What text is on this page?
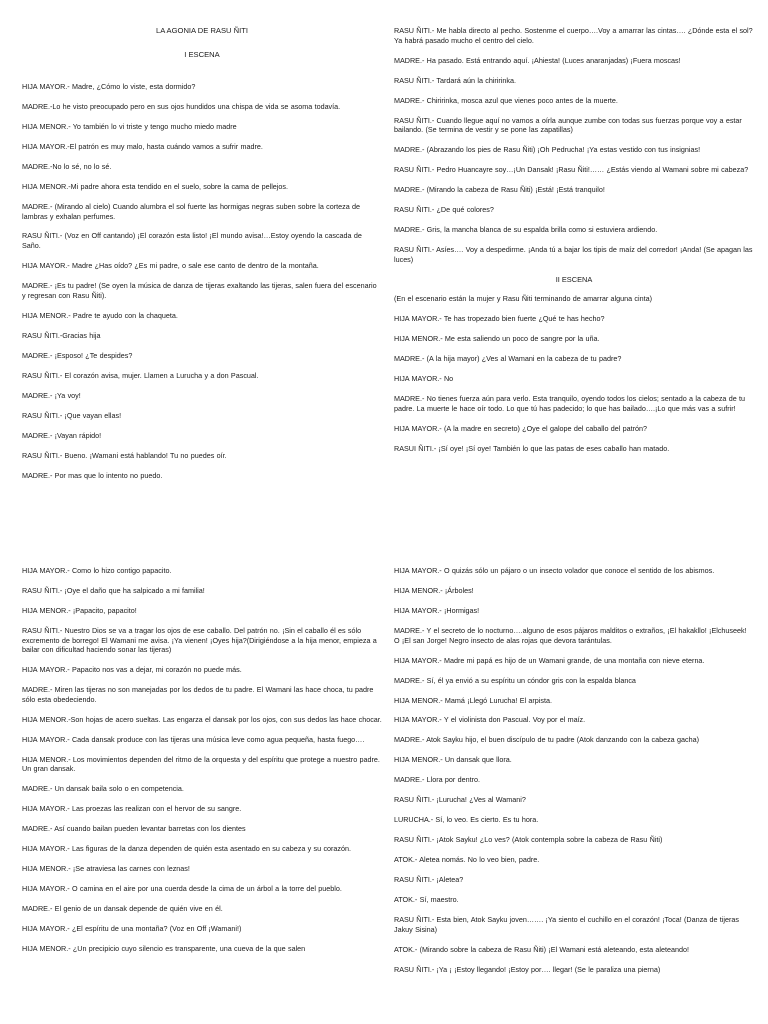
LA AGONIA DE RASU ÑITI

I ESCENA

HIJA MAYOR.- Madre, ¿Cómo lo viste, esta dormido?

MADRE.-Lo he visto preocupado pero en sus ojos hundidos una chispa de vida se asoma todavía.

HIJA MENOR.- Yo también lo vi triste y tengo mucho miedo madre

HIJA MAYOR.-El patrón es muy malo, hasta cuándo vamos a sufrir madre.

MADRE.-No lo sé, no lo sé.

HIJA MENOR.-Mi padre ahora esta tendido en el suelo, sobre la cama de pellejos.

MADRE.- (Mirando al cielo) Cuando alumbra el sol fuerte las hormigas negras suben sobre la corteza de lambras y exhalan perfumes.

RASU ÑITI.- (Voz en Off cantando) ¡El corazón esta listo! ¡El mundo avisa!…Estoy oyendo la cascada de Saño.

HIJA MAYOR.- Madre ¿Has oído? ¿Es mi padre, o sale ese canto de dentro de la montaña.

MADRE.- ¡Es tu padre! (Se oyen la música de danza de tijeras exaltando las tijeras, salen fuera del escenario y regresan con Rasu Ñiti).

HIJA MENOR.- Padre te ayudo con la chaqueta.

RASU ÑITI.-Gracias hija

MADRE.- ¡Esposo! ¿Te despides?

RASU ÑITI.- El corazón avisa, mujer. Llamen a Lurucha y a don Pascual.

MADRE.- ¡Ya voy!

RASU ÑITI.- ¡Que vayan ellas!

MADRE.- ¡Vayan rápido!

RASU ÑITI.- Bueno. ¡Wamani está hablando! Tu no puedes oír.

MADRE.- Por mas que lo intento no puedo.

RASU ÑITI.- Me habla directo al pecho. Sostenme el cuerpo….Voy a amarrar las cintas…. ¿Dónde esta el sol? Ya habrá pasado mucho el centro del cielo.

MADRE.- Ha pasado. Está entrando aquí. ¡Ahiesta! (Luces anaranjadas) ¡Fuera moscas!

RASU ÑITI.- Tardará aún la chiririnka.

MADRE.- Chiririnka, mosca azul que vienes poco antes de la muerte.

RASU ÑITI.- Cuando llegue aquí no vamos a oírla aunque zumbe con todas sus fuerzas porque voy a estar bailando. (Se termina de vestir y se pone las zapatillas)

MADRE.- (Abrazando los pies de Rasu Ñiti) ¡Oh Pedrucha! ¡Ya estas vestido con tus insignias!

RASU ÑITI.- Pedro Huancayre soy…¡Un Dansak! ¡Rasu Ñiti!…… ¿Estás viendo al Wamani sobre mi cabeza?

MADRE.- (Mirando la cabeza de Rasu Ñiti) ¡Está! ¡Está tranquilo!

RASU ÑITI.- ¿De qué colores?

MADRE.- Gris, la mancha blanca de su espalda brilla como si estuviera ardiendo.

RASU ÑITI.- Asíes…. Voy a despedirme. ¡Anda tú a bajar los tipis de maíz del corredor! ¡Anda! (Se apagan las luces)

II ESCENA

(En el escenario están la mujer y Rasu Ñiti terminando de amarrar alguna cinta)

HIJA MAYOR.- Te has tropezado bien fuerte ¿Qué te has hecho?

HIJA MENOR.- Me esta saliendo un poco de sangre por la uña.

MADRE.- (A la hija mayor) ¿Ves al Wamani en la cabeza de tu padre?

HIJA MAYOR.- No

MADRE.- No tienes fuerza aún para verlo. Esta tranquilo, oyendo todos los cielos; sentado a la cabeza de tu padre. La muerte le hace oír todo. Lo que tú has padecido; lo que has bailado….¡Lo que más vas a sufrir!

HIJA MAYOR.- (A la madre en secreto) ¿Oye el galope del caballo del patrón?

RASUI ÑITI.- ¡Sí oye! ¡Sí oye! También lo que las patas de eses caballo han matado.

HIJA MAYOR.- Como lo hizo contigo papacito.

RASU ÑITI.- ¡Oye el daño que ha salpicado a mi familia!

HIJA MENOR.- ¡Papacito, papacito!

RASU ÑITI.- Nuestro Dios se va a tragar los ojos de ese caballo. Del patrón no. ¡Sin el caballo él es sólo excremento de borrego! El Wamani me avisa. ¡Ya vienen! ¡Oyes hija?(Dirigiéndose a la hija menor, empieza a bailar con dificultad haciendo sonar las tijeras)

HIJA MAYOR.- Papacito nos vas a dejar, mi corazón no puede más.

MADRE.- Miren las tijeras no son manejadas por los dedos de tu padre. El Wamani las hace choca, tu padre sólo esta obedeciendo.

HIJA MENOR.-Son hojas de acero sueltas. Las engarza el dansak por los ojos, con sus dedos las hace chocar.

HIJA MAYOR.- Cada dansak produce con las tijeras una música leve como agua pequeña, hasta fuego….

HIJA MENOR.- Los movimientos dependen del ritmo de la orquesta y del espíritu que protege a nuestro padre. Un gran dansak.

MADRE.- Un dansak baila solo o en competencia.

HIJA MAYOR.- Las proezas las realizan con el hervor de su sangre.

MADRE.- Así cuando bailan pueden levantar barretas con los dientes

HIJA MAYOR.- Las figuras de la danza dependen de quién esta asentado en su cabeza y su corazón.

HIJA MENOR.- ¡Se atraviesa las carnes con leznas!

HIJA MAYOR.- O camina en el aire por una cuerda desde la cima de un árbol a la torre del pueblo.

MADRE.- El genio de un dansak depende de quién vive en él.

HIJA MAYOR.- ¿El espíritu de una montaña? (Voz en Off ¡Wamani!)

HIJA MENOR.- ¿Un precipicio cuyo silencio es transparente, una cueva de la que salen

HIJA MAYOR.- O quizás sólo un pájaro o un insecto volador que conoce el sentido de los abismos.

HIJA MENOR.- ¡Árboles!

HIJA MAYOR.- ¡Hormigas!

MADRE.- Y el secreto de lo nocturno….alguno de esos pájaros malditos o extraños, ¡El hakakllo! ¡Elchuseek! O ¡El san Jorge! Negro insecto de alas rojas que devora tarántulas.

HIJA MAYOR.- Madre mi papá es hijo de un Wamani grande, de una montaña con nieve eterna.

MADRE.- Sí, él ya envió a su espíritu un cóndor gris con la espalda blanca

HIJA MENOR.- Mamá ¡Llegó Lurucha! El arpista.

HIJA MAYOR.- Y el violinista don Pascual. Voy por el maíz.

MADRE.- Atok Sayku hijo, el buen discípulo de tu padre (Atok danzando con la cabeza gacha)

HIJA MENOR.- Un dansak que llora.

MADRE.- Llora por dentro.

RASU ÑITI.- ¡Lurucha! ¿Ves al Wamani?

LURUCHA.- Sí, lo veo. Es cierto. Es tu hora.

RASU ÑITI.- ¡Atok Sayku! ¿Lo ves? (Atok contempla sobre la cabeza de Rasu Ñiti)

ATOK.- Aletea nomás. No lo veo bien, padre.

RASU ÑITI.- ¡Aletea?

ATOK.- Sí, maestro.

RASU ÑITI.- Esta bien, Atok Sayku joven……. ¡Ya siento el cuchillo en el corazón! ¡Toca! (Danza de tijeras Jakuy Sisina)

ATOK.- (Mirando sobre la cabeza de Rasu Ñiti) ¡El Wamani está aleteando, esta aleteando!

RASU ÑITI.- ¡Ya ¡ ¡Estoy llegando! ¡Estoy por…. llegar! (Se le paraliza una pierna)
